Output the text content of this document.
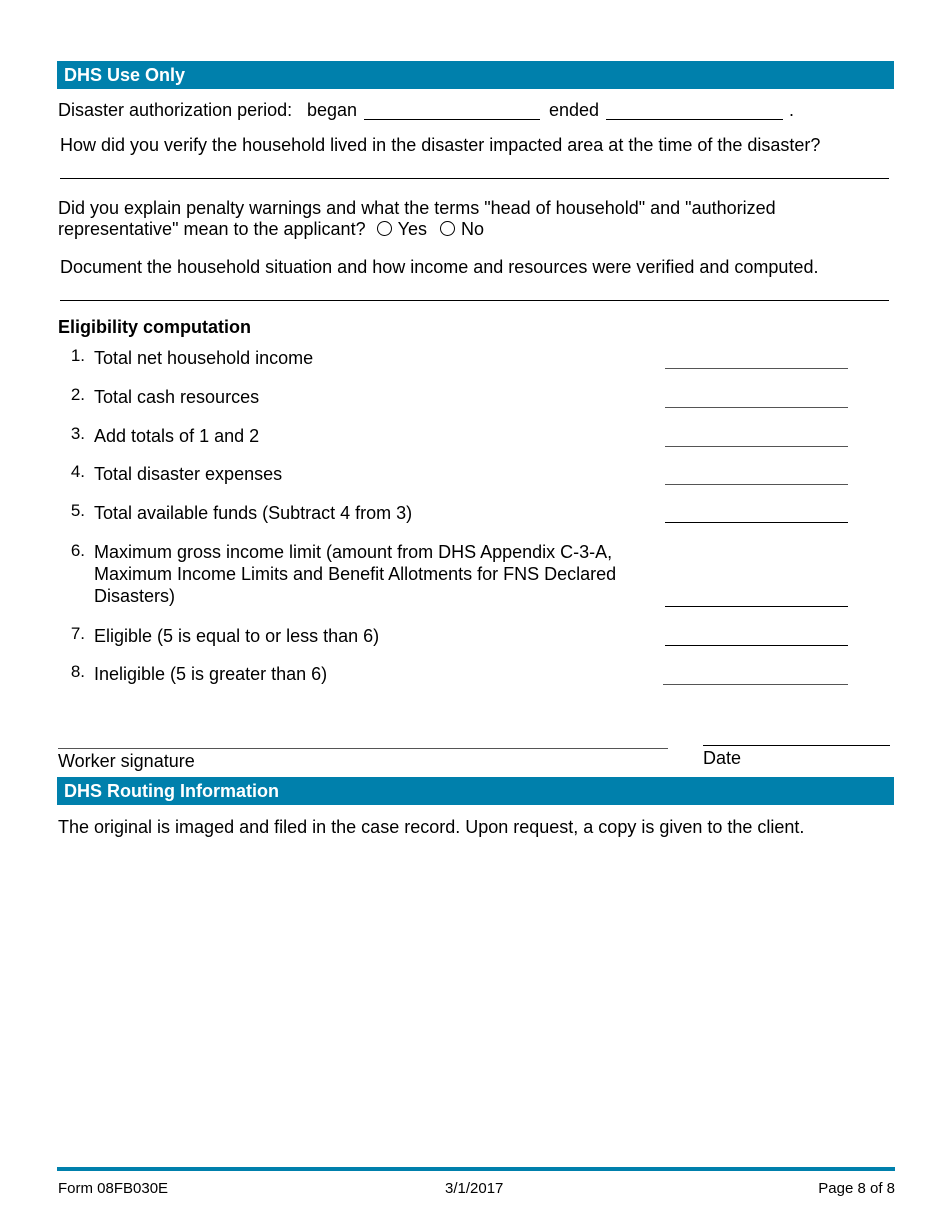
DHS Use Only
Disaster authorization period: began	ended	.
How did you verify the household lived in the disaster impacted area at the time of the disaster?
Did you explain penalty warnings and what the terms "head of household" and "authorized
representative" mean to the applicant? Yes No
Document the household situation and how income and resources were verified and computed.
Eligibility computation
1. Total net household income
2. Total cash resources
3. Add totals of 1 and 2
4. Total disaster expenses
5. Total available funds (Subtract 4 from 3)
6. Maximum gross income limit (amount from DHS Appendix C-3-A, Maximum Income Limits and Benefit Allotments for FNS Declared Disasters)
7. Eligible (5 is equal to or less than 6)
8. Ineligible (5 is greater than 6)
Worker signature	Date
DHS Routing Information
The original is imaged and filed in the case record. Upon request, a copy is given to the client.
Form 08FB030E	3/1/2017	Page 8 of 8
